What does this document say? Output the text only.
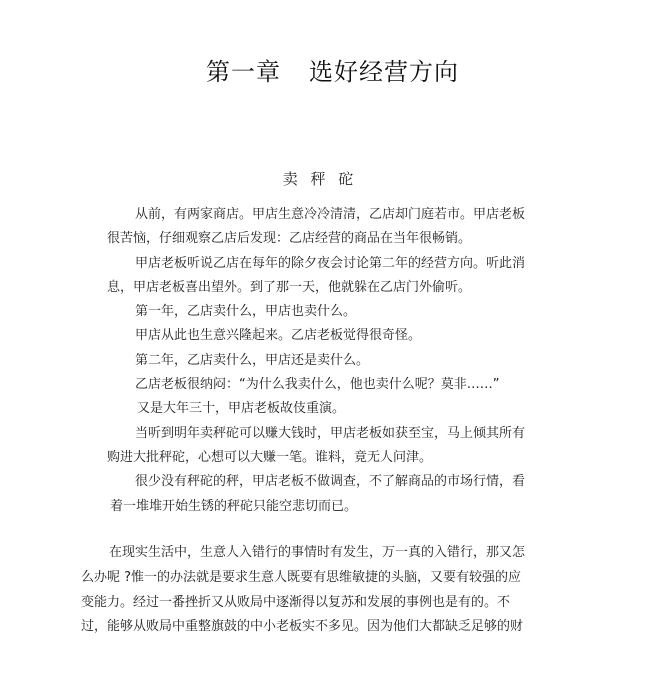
第一章 选好经营方向
卖 秤 砣

从前，有两家商店。甲店生意冷冷清清，乙店却门庭若市。甲店老板

很苦恼，仔细观察乙店后发现：乙店经营的商品在当年很畅销。

甲店老板听说乙店在每年的除夕夜会讨论第二年的经营方向。听此消

息，甲店老板喜出望外。到了那一天，他就躲在乙店门外偷听。

第一年，乙店卖什么，甲店也卖什么。

甲店从此也生意兴隆起来。乙店老板觉得很奇怪。

第二年，乙店卖什么，甲店还是卖什么。

乙店老板很纳闷：“为什么我卖什么，他也卖什么呢？莫非……”

又是大年三十，甲店老板故伎重演。

当听到明年卖秤砣可以赚大钱时，甲店老板如获至宝，马上倾其所有

购进大批秤砣，心想可以大赚一笔。谁料，竟无人问津。

很少没有秤砣的秤，甲店老板不做调查，不了解商品的市场行情，看

着一堆堆开始生锈的秤砣只能空悲切而已。

在现实生活中，生意人入错行的事情时有发生，万一真的入错行，那又怎

么办呢 ?惟一的办法就是要求生意人既要有思维敏捷的头脑，又要有较强的应

变能力。经过一番挫折又从败局中逐渐得以复苏和发展的事例也是有的。不

过，能够从败局中重整旗鼓的中小老板实不多见。因为他们大都缺乏足够的财
